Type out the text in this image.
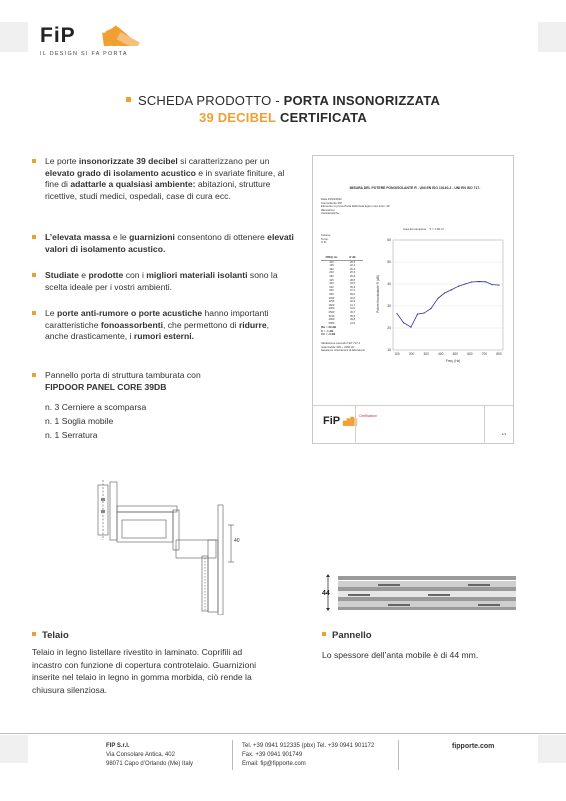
FiP
IL DESIGN SI FA PORTA
SCHEDA PRODOTTO - PORTA INSONORIZZATA
39 DECIBEL CERTIFICATA
Le porte insonorizzate 39 decibel si caratterizzano per un elevato grado di isolamento acustico e in svariate finiture, al fine di adattarle a qualsiasi ambiente: abitazioni, strutture ricettive, studi medici, ospedali, case di cura ecc.
L’elevata massa e le guarnizioni consentono di ottenere elevati valori di isolamento acustico.
Studiate e prodotte con i migliori materiali isolanti sono la scelta ideale per i vostri ambienti.
Le porte anti-rumore o porte acustiche hanno importanti caratteristiche fonoassorbenti, che permettono di ridurre, anche drasticamente, i rumori esterni.
Pannello porta di struttura tamburata con
FIPDOOR PANEL CORE 39DB
n. 3 Cerniere a scomparsa
n. 1 Soglia mobile
n. 1 Serratura
MISURA DEL POTERE FONOISOLANTE R - UNI EN ISO 10140-2 - UNI EN ISO 717-
Data 15/04/2022
Committente FIP
Elemento in prova Porta fabbricata legno core anim. 39
Rilevazioni
Caratteristiche
Volume
Temp.
U.R.
Area del campione    S = 1,84 m²
FREQ. Hz	R dB
100	26,5
125	22,4
160	20,4
200	26,3
250	26,8
315	28,8
400	33,5
500	35,9
630	37,4
800	39,0
1000	40,0
1250	40,9
1600	41,1
2000	41,0
2500	39,7
3150	39,5
4000	39,8
5000	41,0
Rw = 39 dB
C = -1 dB
Ctr = -3 dB
Valutazione secondo ISO 717-1
nelle bande 100 ÷ 3150 Hz
basata su misurazioni di laboratorio
Potere fonoisolante R (dB)
Freq. (Hz)
10
20
30
40
50
60
100	200	300	400	500	600	700	800
FiP	Certification
1/1
40
44
Telaio
Telaio in legno listellare rivestito in laminato. Coprifili ad incastro con funzione di copertura controtelaio. Guarnizioni inserite nel telaio in legno in gomma morbida, ciò rende la chiusura silenziosa.
Pannello
Lo spessore dell’anta mobile è di 44 mm.
FIP S.r.l.
Via Consolare Antica, 402
98071 Capo d’Orlando (Me) Italy
Tel. +39 0941 912335 (pbx) Tel. +39 0941 901172
Fax. +39 0941 901749
Email: fip@fipporte.com
fipporte.com
